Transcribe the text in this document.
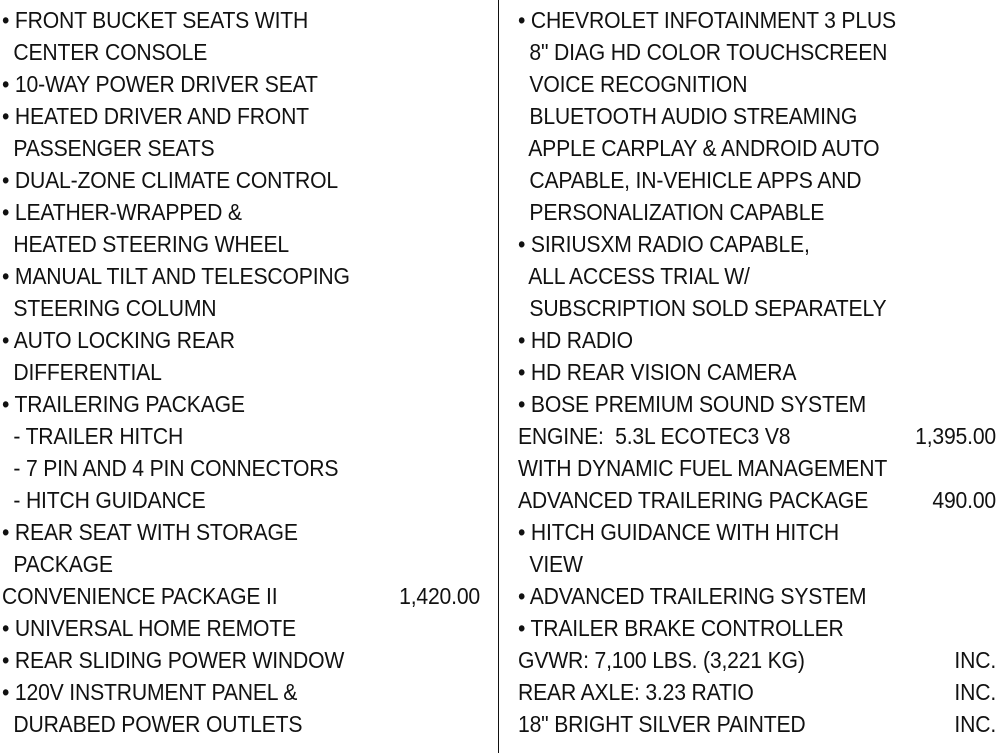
• FRONT BUCKET SEATS WITH
CENTER CONSOLE
• 10-WAY POWER DRIVER SEAT
• HEATED DRIVER AND FRONT
PASSENGER SEATS
• DUAL-ZONE CLIMATE CONTROL
• LEATHER-WRAPPED &
HEATED STEERING WHEEL
• MANUAL TILT AND TELESCOPING
STEERING COLUMN
• AUTO LOCKING REAR
DIFFERENTIAL
• TRAILERING PACKAGE
- TRAILER HITCH
- 7 PIN AND 4 PIN CONNECTORS
- HITCH GUIDANCE
• REAR SEAT WITH STORAGE
PACKAGE
CONVENIENCE PACKAGE II	1,420.00
• UNIVERSAL HOME REMOTE
• REAR SLIDING POWER WINDOW
• 120V INSTRUMENT PANEL &
DURABED POWER OUTLETS
• CHEVROLET INFOTAINMENT 3 PLUS
8" DIAG HD COLOR TOUCHSCREEN
VOICE RECOGNITION
BLUETOOTH AUDIO STREAMING
APPLE CARPLAY & ANDROID AUTO
CAPABLE, IN-VEHICLE APPS AND
PERSONALIZATION CAPABLE
• SIRIUSXM RADIO CAPABLE,
ALL ACCESS TRIAL W/
SUBSCRIPTION SOLD SEPARATELY
• HD RADIO
• HD REAR VISION CAMERA
• BOSE PREMIUM SOUND SYSTEM
ENGINE:  5.3L ECOTEC3 V8	1,395.00
WITH DYNAMIC FUEL MANAGEMENT
ADVANCED TRAILERING PACKAGE	490.00
• HITCH GUIDANCE WITH HITCH
VIEW
• ADVANCED TRAILERING SYSTEM
• TRAILER BRAKE CONTROLLER
GVWR: 7,100 LBS. (3,221 KG)	INC.
REAR AXLE: 3.23 RATIO	INC.
18" BRIGHT SILVER PAINTED	INC.
